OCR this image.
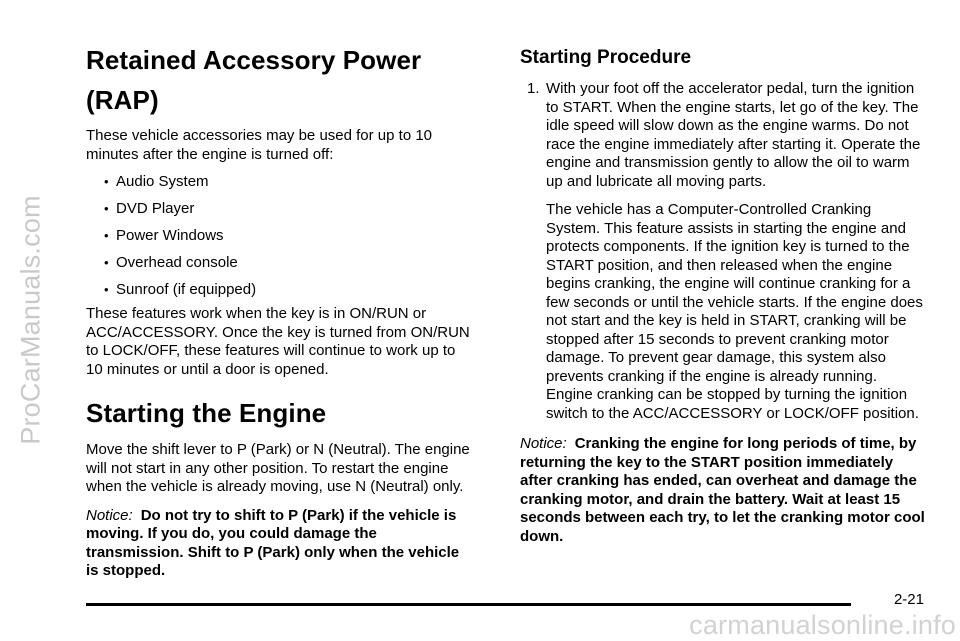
ProCarManuals.com
Retained Accessory Power (RAP)

These vehicle accessories may be used for up to 10 minutes after the engine is turned off:

• Audio System
• DVD Player
• Power Windows
• Overhead console
• Sunroof (if equipped)

These features work when the key is in ON/RUN or ACC/ACCESSORY. Once the key is turned from ON/RUN to LOCK/OFF, these features will continue to work up to 10 minutes or until a door is opened.

Starting the Engine

Move the shift lever to P (Park) or N (Neutral). The engine will not start in any other position. To restart the engine when the vehicle is already moving, use N (Neutral) only.

Notice: Do not try to shift to P (Park) if the vehicle is moving. If you do, you could damage the transmission. Shift to P (Park) only when the vehicle is stopped.

Starting Procedure
1. With your foot off the accelerator pedal, turn the ignition to START. When the engine starts, let go of the key. The idle speed will slow down as the engine warms. Do not race the engine immediately after starting it. Operate the engine and transmission gently to allow the oil to warm up and lubricate all moving parts.

The vehicle has a Computer-Controlled Cranking System. This feature assists in starting the engine and protects components. If the ignition key is turned to the START position, and then released when the engine begins cranking, the engine will continue cranking for a few seconds or until the vehicle starts. If the engine does not start and the key is held in START, cranking will be stopped after 15 seconds to prevent cranking motor damage. To prevent gear damage, this system also prevents cranking if the engine is already running. Engine cranking can be stopped by turning the ignition switch to the ACC/ACCESSORY or LOCK/OFF position.

Notice: Cranking the engine for long periods of time, by returning the key to the START position immediately after cranking has ended, can overheat and damage the cranking motor, and drain the battery. Wait at least 15 seconds between each try, to let the cranking motor cool down.

2-21
carmanualsonline.info
